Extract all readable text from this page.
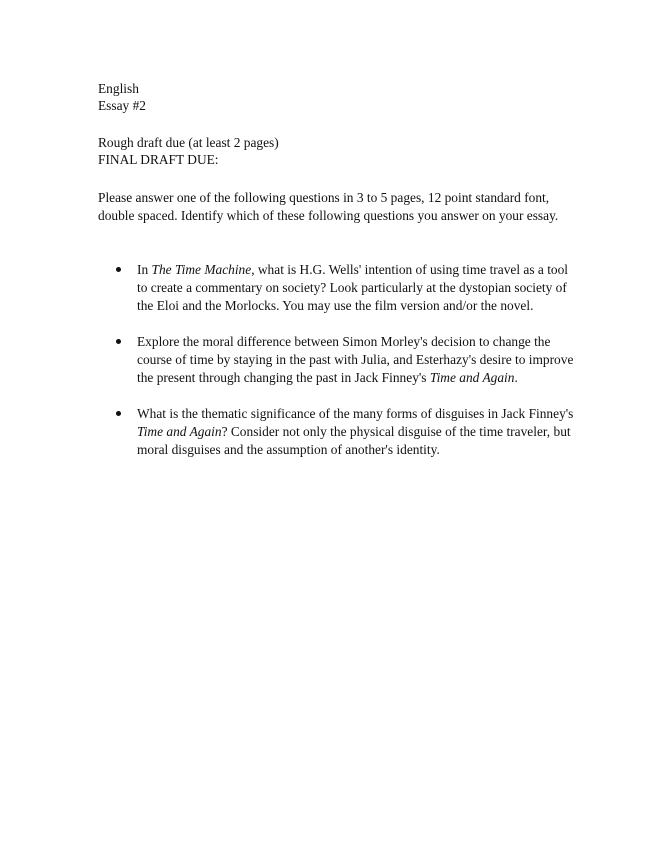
English
Essay #2
Rough draft due (at least 2 pages)
FINAL DRAFT DUE:
Please answer one of the following questions in 3 to 5 pages, 12 point standard font,
double spaced. Identify which of these following questions you answer on your essay.
In The Time Machine, what is H.G. Wells' intention of using time travel as a tool
to create a commentary on society? Look particularly at the dystopian society of
the Eloi and the Morlocks. You may use the film version and/or the novel.
Explore the moral difference between Simon Morley's decision to change the
course of time by staying in the past with Julia, and Esterhazy's desire to improve
the present through changing the past in Jack Finney's Time and Again.
What is the thematic significance of the many forms of disguises in Jack Finney's
Time and Again? Consider not only the physical disguise of the time traveler, but
moral disguises and the assumption of another's identity.
